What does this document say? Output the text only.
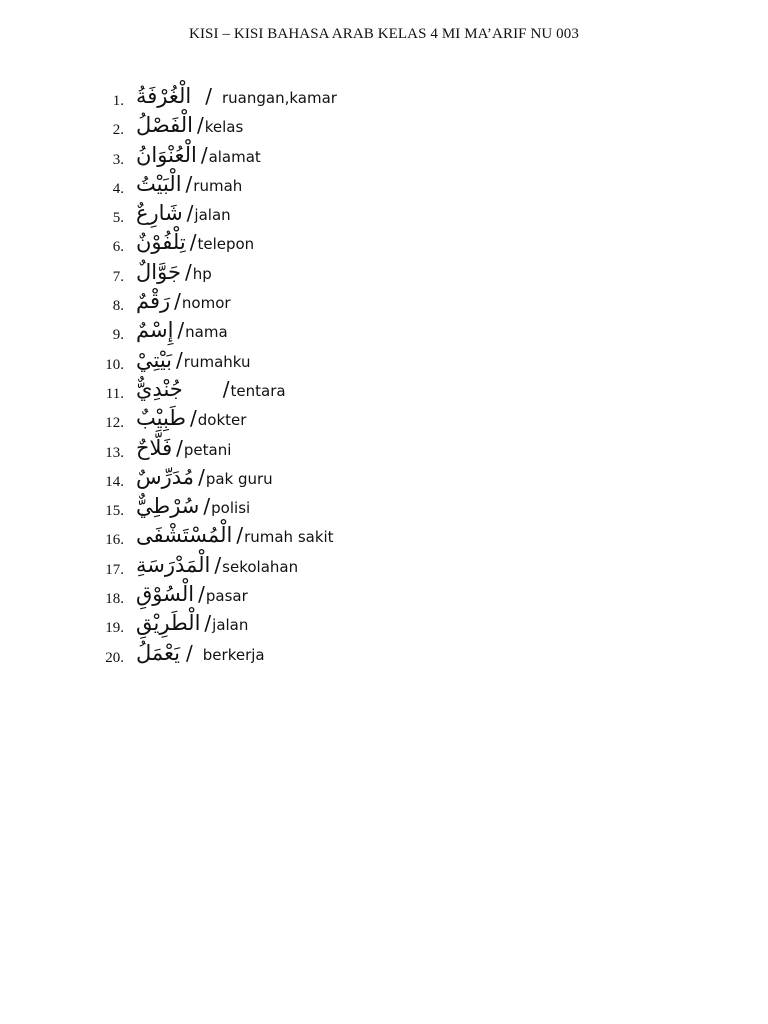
KISI – KISI BAHASA ARAB KELAS 4 MI MA’ARIF NU 003
1. الْغُرْفَةُ / ruangan,kamar
2. الْفَصْلُ / kelas
3. الْعُنْوَانُ / alamat
4. الْبَيْتُ / rumah
5. شَارِعٌ / jalan
6. تِلْفُوْنٌ / telepon
7. جَوَّالٌ / hp
8. رَقْمٌ / nomor
9. إِسْمٌ / nama
10. بَيْتِيْ / rumahku
11. جُنْدِيٌّ / tentara
12. طَبِيْبٌ / dokter
13. فَلَّاحٌ / petani
14. مُدَرِّسٌ / pak guru
15. سُرْطِيٌّ / polisi
16. الْمُسْتَشْفَى / rumah sakit
17. الْمَدْرَسَةِ / sekolahan
18. الْسُوْقِ / pasar
19. الْطَرِيْقِ / jalan
20. يَعْمَلُ / berkerja
